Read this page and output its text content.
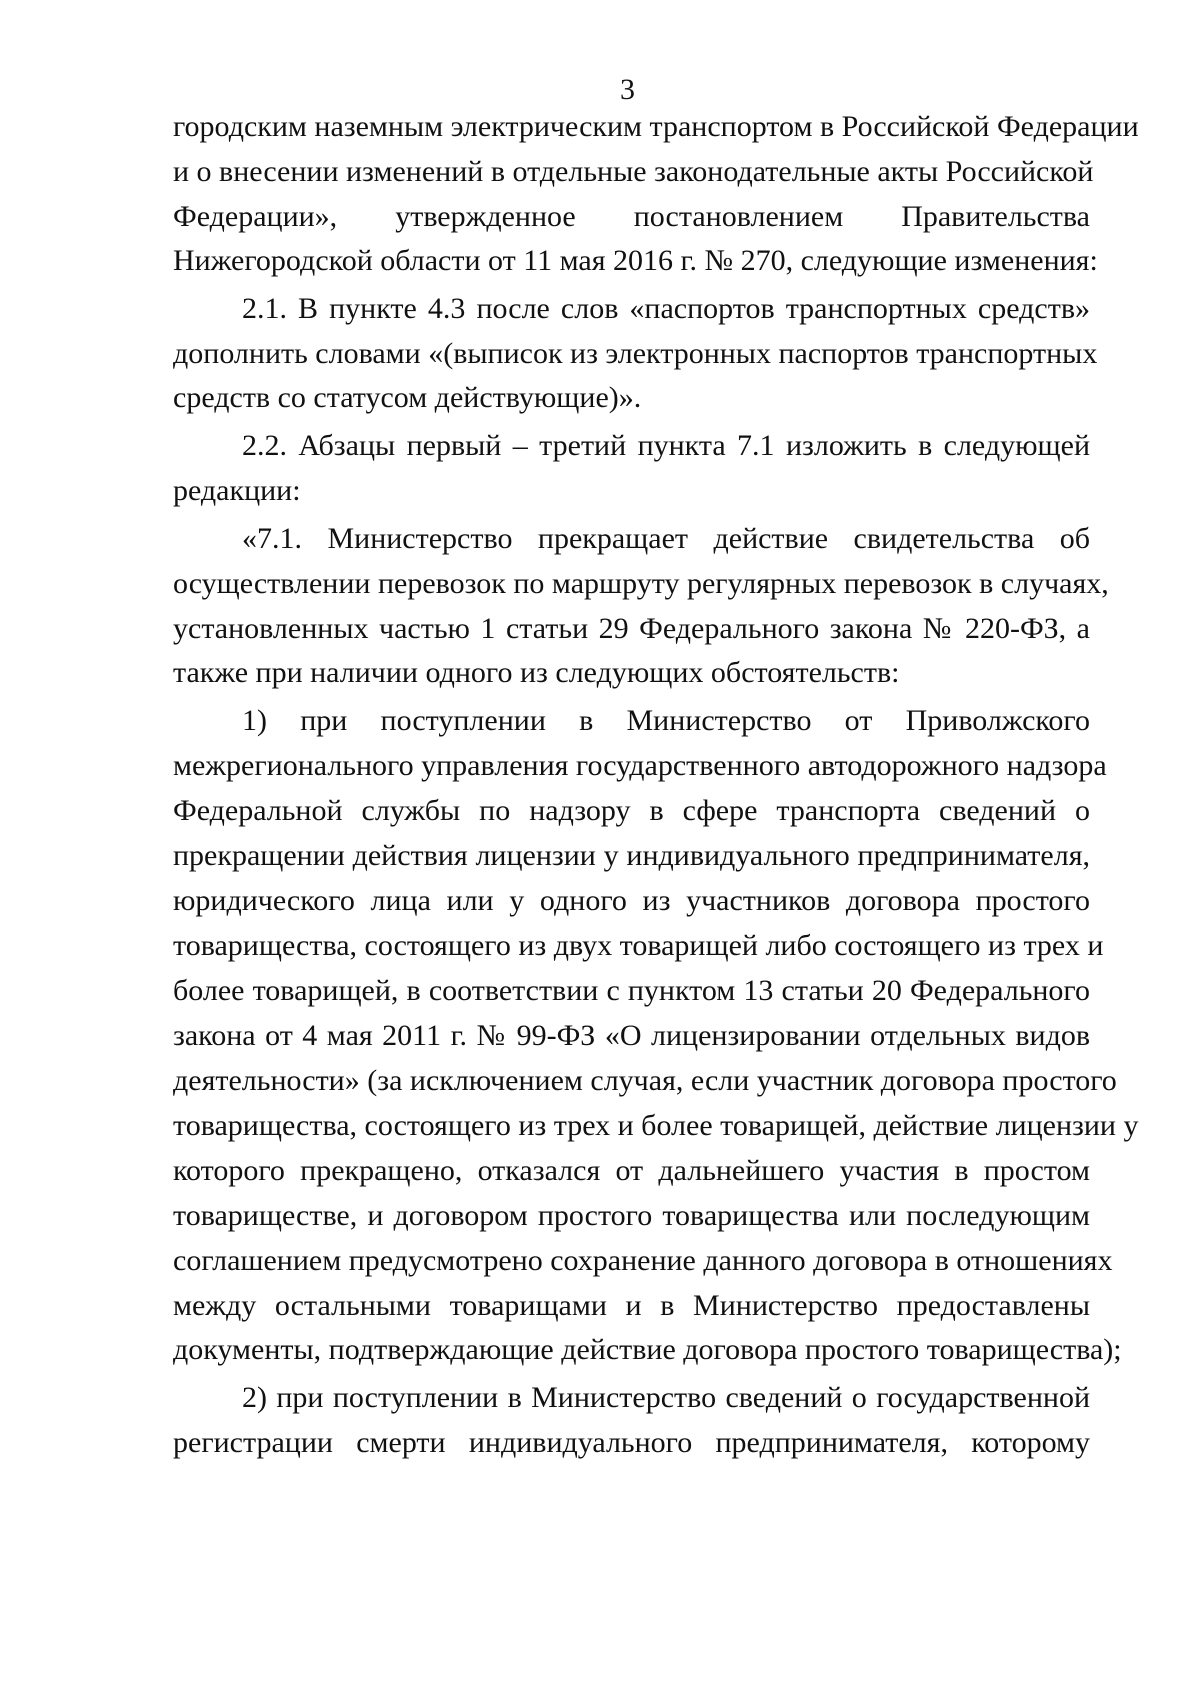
3
городским наземным электрическим транспортом в Российской Федерации
и о внесении изменений в отдельные законодательные акты Российской
Федерации», утвержденное постановлением Правительства
Нижегородской области от 11 мая 2016 г. № 270, следующие изменения:
2.1. В пункте 4.3 после слов «паспортов транспортных средств»
дополнить словами «(выписок из электронных паспортов транспортных
средств со статусом действующие)».
2.2. Абзацы первый – третий пункта 7.1 изложить в следующей
редакции:
«7.1. Министерство прекращает действие свидетельства об
осуществлении перевозок по маршруту регулярных перевозок в случаях,
установленных частью 1 статьи 29 Федерального закона № 220-ФЗ, а
также при наличии одного из следующих обстоятельств:
1) при поступлении в Министерство от Приволжского
межрегионального управления государственного автодорожного надзора
Федеральной службы по надзору в сфере транспорта сведений о
прекращении действия лицензии у индивидуального предпринимателя,
юридического лица или у одного из участников договора простого
товарищества, состоящего из двух товарищей либо состоящего из трех и
более товарищей, в соответствии с пунктом 13 статьи 20 Федерального
закона от 4 мая 2011 г. № 99-ФЗ «О лицензировании отдельных видов
деятельности» (за исключением случая, если участник договора простого
товарищества, состоящего из трех и более товарищей, действие лицензии у
которого прекращено, отказался от дальнейшего участия в простом
товариществе, и договором простого товарищества или последующим
соглашением предусмотрено сохранение данного договора в отношениях
между остальными товарищами и в Министерство предоставлены
документы, подтверждающие действие договора простого товарищества);
2) при поступлении в Министерство сведений о государственной
регистрации смерти индивидуального предпринимателя, которому
